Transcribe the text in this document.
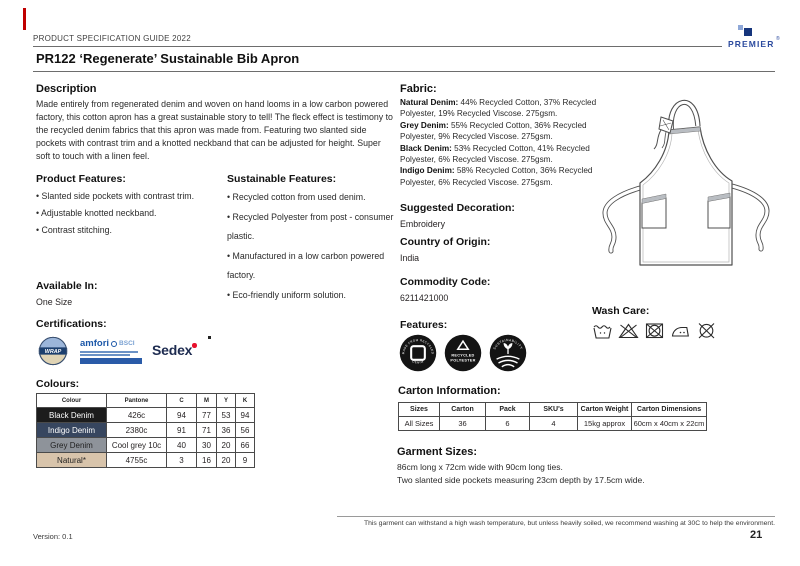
PRODUCT SPECIFICATION GUIDE 2022
PR122 ‘Regenerate’ Sustainable Bib Apron
PREMIER ®
Description
Made entirely from regenerated denim and woven on hand looms in a low carbon powered factory, this cotton apron has a great sustainable story to tell! The fleck effect is testimony to the recycled denim fabrics that this apron was made from. Featuring two slanted side pockets with contrast trim and a knotted neckband that can be adjusted for height. Super soft to touch with a linen feel.
Product Features:
• Slanted side pockets with contrast trim.
• Adjustable knotted neckband.
• Contrast stitching.
Sustainable Features:
• Recycled cotton from used denim.
• Recycled Polyester from post - consumer plastic.
• Manufactured in a low carbon powered factory.
• Eco-friendly uniform solution.
Available In:
One Size
Certifications:
WRAP
amfori BSCI Sedex
Colours:
Colour	Pantone	C	M	Y	K
Black Denim	426c	94	77	53	94
Indigo Denim	2380c	91	71	36	56
Grey Denim	Cool grey 10c	40	30	20	66
Natural*	4755c	3	16	20	9
Fabric:
Natural Denim: 44% Recycled Cotton, 37% Recycled Polyester, 19% Recycled Viscose. 275gsm.
Grey Denim: 55% Recycled Cotton, 36% Recycled Polyester, 9% Recycled Viscose. 275gsm.
Black Denim: 53% Recycled Cotton, 41% Recycled Polyester, 6% Recycled Viscose. 275gsm.
Indigo Denim: 58% Recycled Cotton, 36% Recycled Polyester, 6% Recycled Viscose. 275gsm.
Suggested Decoration:
Embroidery
Country of Origin:
India
Commodity Code:
6211421000
Features:
MADE FROM RECYCLED
DENIM
RECYCLED
POLYESTER
SUSTAINABILITY
Wash Care:
Carton Information:
Sizes	Carton	Pack	SKU's	Carton Weight	Carton Dimensions
All Sizes	36	6	4	15kg approx	60cm x 40cm x 22cm
Garment Sizes:
86cm long x 72cm wide with 90cm long ties.
Two slanted side pockets measuring 23cm depth by 17.5cm wide.
This garment can withstand a high wash temperature, but unless heavily soiled, we recommend washing at 30C to help the environment.
Version: 0.1	21
